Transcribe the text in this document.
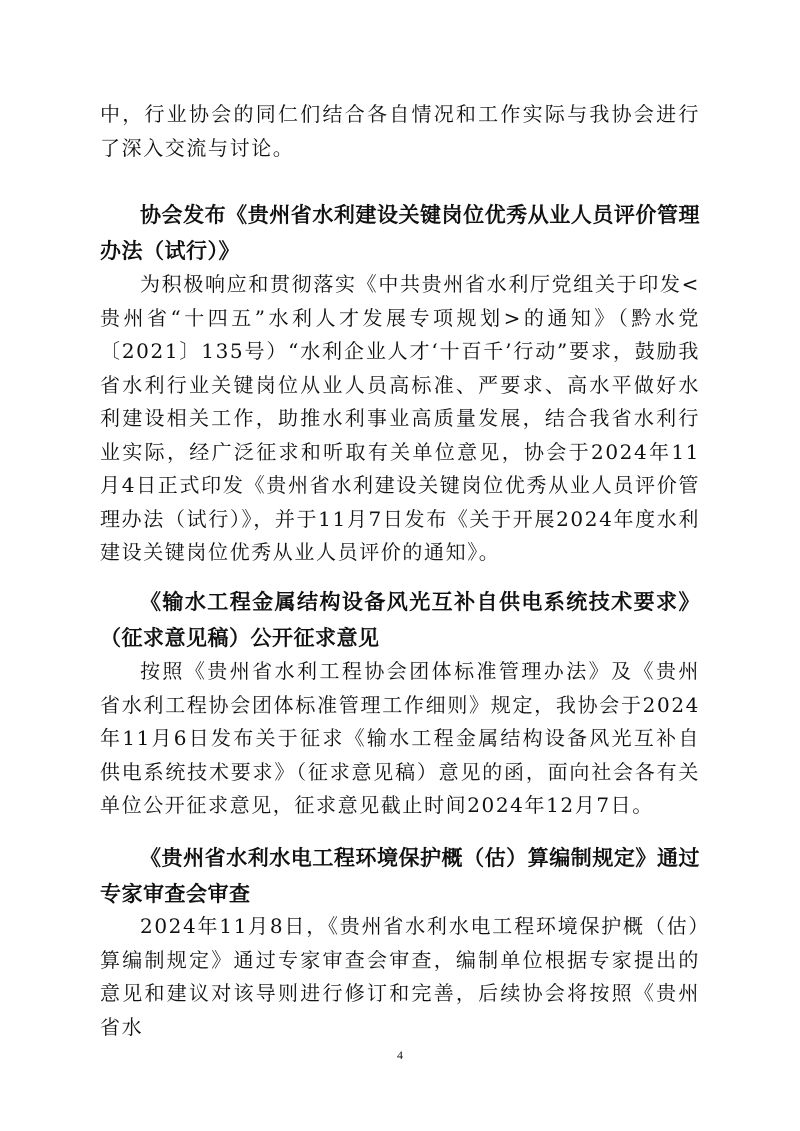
中，行业协会的同仁们结合各自情况和工作实际与我协会进行了深入交流与讨论。

协会发布《贵州省水利建设关键岗位优秀从业人员评价管理办法（试行）》

为积极响应和贯彻落实《中共贵州省水利厅党组关于印发<贵州省“十四五”水利人才发展专项规划>的通知》（黔水党〔2021〕135号）“水利企业人才‘十百千’行动”要求，鼓励我省水利行业关键岗位从业人员高标准、严要求、高水平做好水利建设相关工作，助推水利事业高质量发展，结合我省水利行业实际，经广泛征求和听取有关单位意见，协会于2024年11月4日正式印发《贵州省水利建设关键岗位优秀从业人员评价管理办法（试行）》，并于11月7日发布《关于开展2024年度水利建设关键岗位优秀从业人员评价的通知》。

《输水工程金属结构设备风光互补自供电系统技术要求》（征求意见稿）公开征求意见

按照《贵州省水利工程协会团体标准管理办法》及《贵州省水利工程协会团体标准管理工作细则》规定，我协会于2024年11月6日发布关于征求《输水工程金属结构设备风光互补自供电系统技术要求》（征求意见稿）意见的函，面向社会各有关单位公开征求意见，征求意见截止时间2024年12月7日。

《贵州省水利水电工程环境保护概（估）算编制规定》通过专家审查会审查

2024年11月8日，《贵州省水利水电工程环境保护概（估）算编制规定》通过专家审查会审查，编制单位根据专家提出的意见和建议对该导则进行修订和完善，后续协会将按照《贵州省水

4
